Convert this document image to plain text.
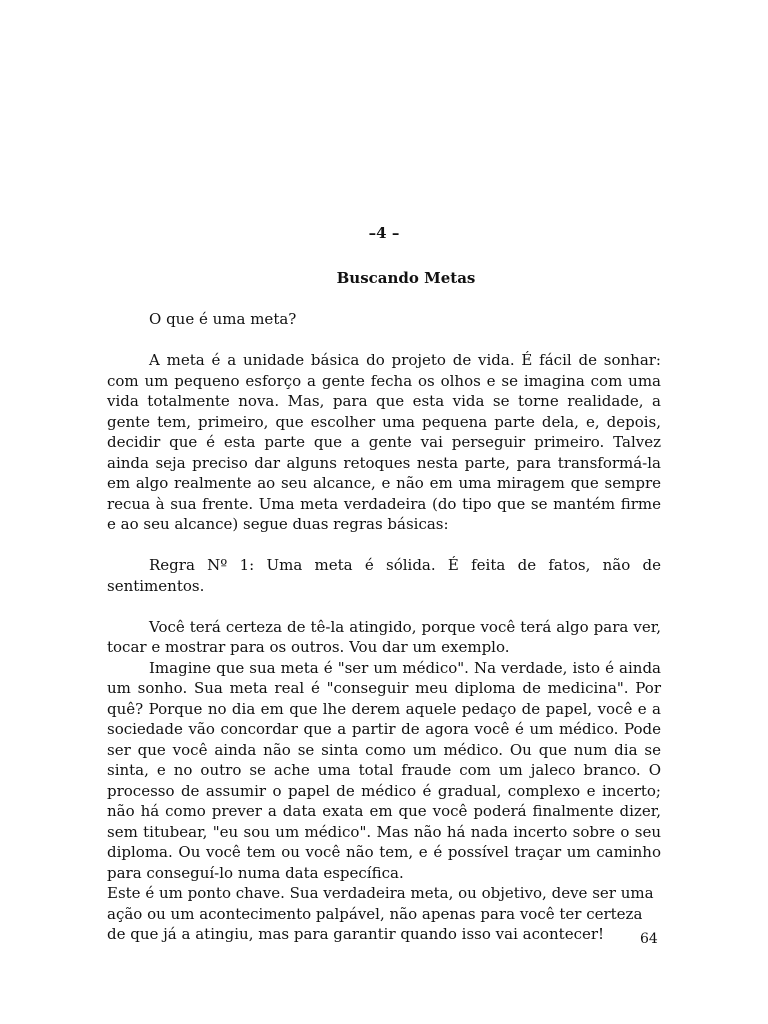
–4 –
Buscando Metas

O que é uma meta?

A meta é a unidade básica do projeto de vida. É fácil de sonhar: com um pequeno esforço a gente fecha os olhos e se imagina com uma vida totalmente nova. Mas, para que esta vida se torne realidade, a gente tem, primeiro, que escolher uma pequena parte dela, e, depois, decidir que é esta parte que a gente vai perseguir primeiro. Talvez ainda seja preciso dar alguns retoques nesta parte, para transformá-la em algo realmente ao seu alcance, e não em uma miragem que sempre recua à sua frente. Uma meta verdadeira (do tipo que se mantém firme e ao seu alcance) segue duas regras básicas:

Regra Nº 1: Uma meta é sólida. É feita de fatos, não de sentimentos.

Você terá certeza de tê-la atingido, porque você terá algo para ver, tocar e mostrar para os outros. Vou dar um exemplo.

Imagine que sua meta é "ser um médico". Na verdade, isto é ainda um sonho. Sua meta real é "conseguir meu diploma de medicina". Por quê? Porque no dia em que lhe derem aquele pedaço de papel, você e a sociedade vão concordar que a partir de agora você é um médico. Pode ser que você ainda não se sinta como um médico. Ou que num dia se sinta, e no outro se ache uma total fraude com um jaleco branco. O processo de assumir o papel de médico é gradual, complexo e incerto; não há como prever a data exata em que você poderá finalmente dizer, sem titubear, "eu sou um médico". Mas não há nada incerto sobre o seu diploma. Ou você tem ou você não tem, e é possível traçar um caminho para conseguí-lo numa data específica.

Este é um ponto chave. Sua verdadeira meta, ou objetivo, deve ser uma ação ou um acontecimento palpável, não apenas para você ter certeza de que já a atingiu, mas para garantir quando isso vai acontecer!	64
